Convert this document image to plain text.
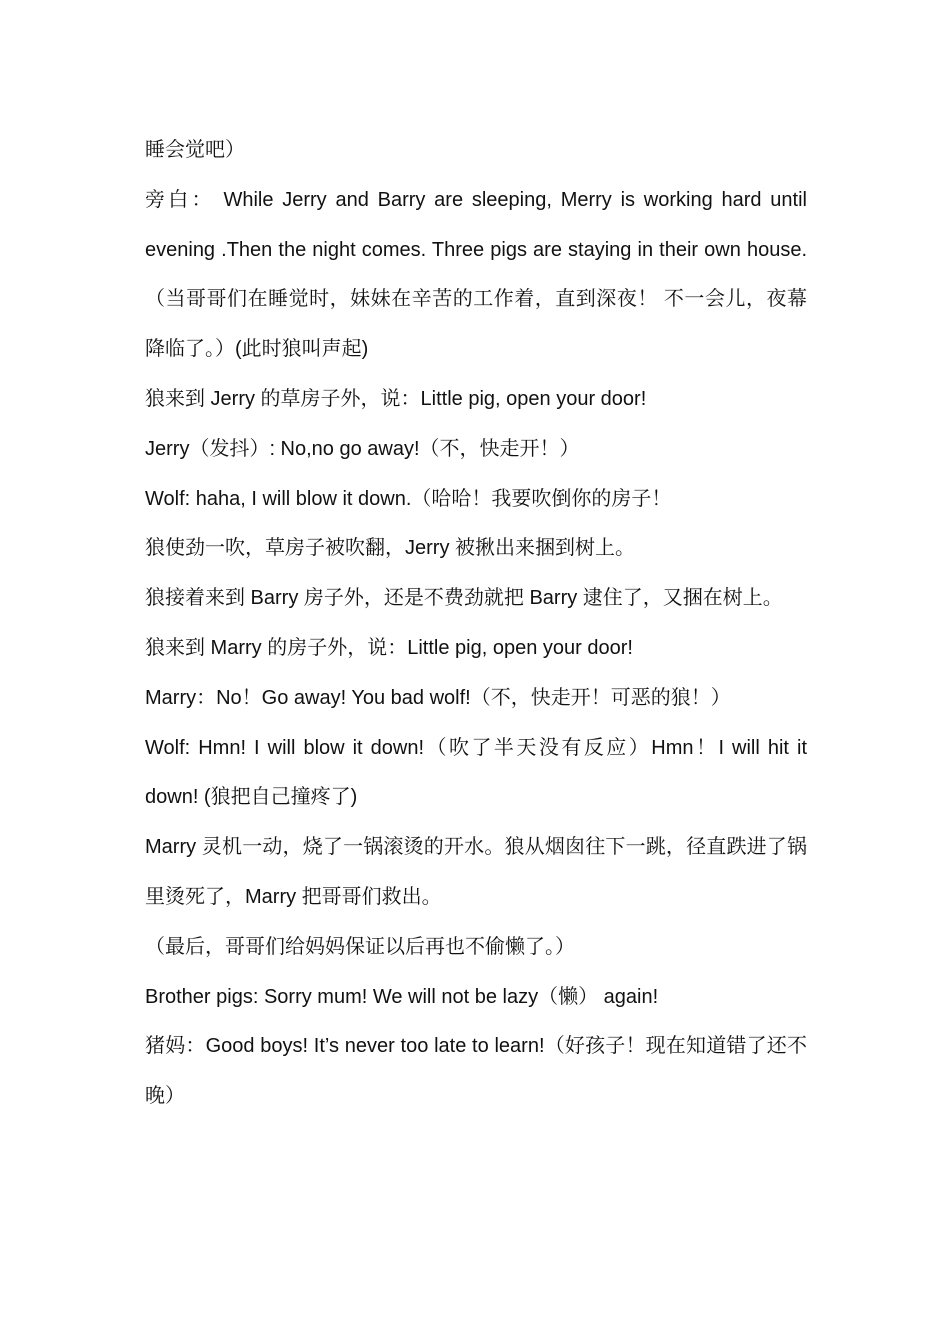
睡会觉吧）

旁白： While Jerry and Barry are sleeping, Merry is working hard until evening .Then the night comes. Three pigs are staying in their own house.（当哥哥们在睡觉时，妹妹在辛苦的工作着，直到深夜！ 不一会儿，夜幕降临了。）(此时狼叫声起)

狼来到 Jerry 的草房子外，说：Little pig, open your door!

Jerry（发抖）: No,no go away!（不，快走开！）

Wolf: haha, I will blow it down.（哈哈！我要吹倒你的房子！

狼使劲一吹，草房子被吹翻，Jerry 被揪出来捆到树上。

狼接着来到 Barry 房子外，还是不费劲就把 Barry 逮住了，又捆在树上。

狼来到 Marry 的房子外，说：Little pig, open your door!

Marry：No！Go away! You bad wolf!（不，快走开！可恶的狼！）

Wolf: Hmn! I will blow it down!（吹了半天没有反应）Hmn！I will hit it down! (狼把自己撞疼了)

Marry 灵机一动，烧了一锅滚烫的开水。狼从烟囱往下一跳，径直跌进了锅里烫死了，Marry 把哥哥们救出。

（最后，哥哥们给妈妈保证以后再也不偷懒了。）

Brother pigs: Sorry mum! We will not be lazy（懒） again!

猪妈：Good boys! It’s never too late to learn!（好孩子！现在知道错了还不晚）
